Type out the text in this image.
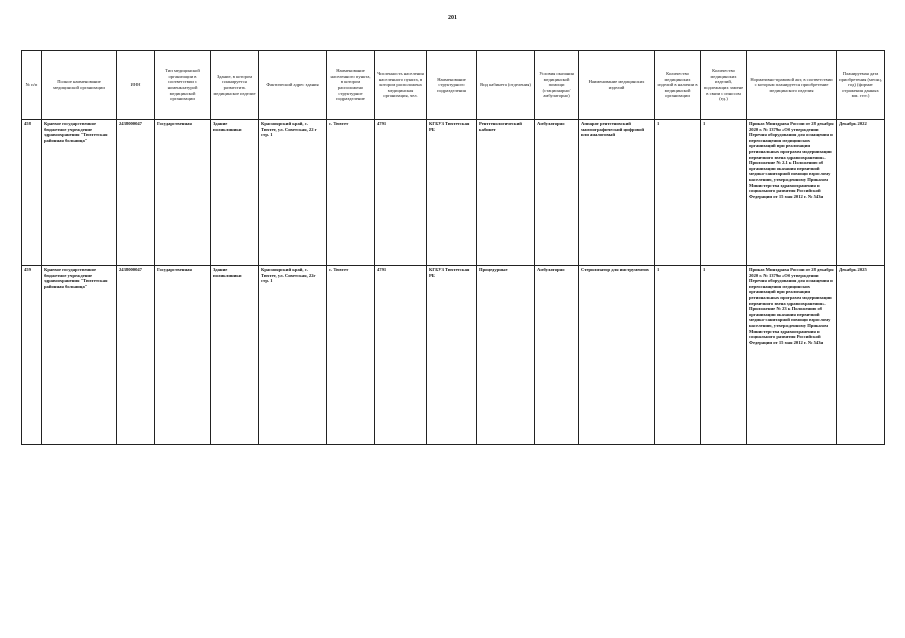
201
№ п/п	Полное наименование медицинской организации	ИНН	Тип медицинской организации в соответствии с номенклатурой медицинской организации	Здание, в котором планируется разместить медицинское изделие	Фактический адрес здания	Наименование населенного пункта, в котором расположено структурное подразделение	Численность населения населенного пункта, в котором расположена медицинская организация, чел.	Наименование структурного подразделения	Вид кабинета (отделения)	Условия оказания медицинской помощи (стационарно/ амбулаторно)	Наименование медицинских изделий	Количество медицинских изделий в наличии в медицинской организации	Количество медицинских изделий, подлежащих замене в связи с износом (ед.)	Нормативно-правовой акт, в соответствии с которым планируется приобретение медицинского изделия	Планируемая дата приобретения (месяц, год) (формат отражения данных мм. гггг.)
458	Краевое государственное бюджетное учреждение здравоохранения "Тюхтетская районная больница"	2438000047	Государственная	Здание поликлиники	Красноярский край, с. Тюхтет, ул. Советская, 22 г стр. 1	с. Тюхтет	4791	КГБУЗ Тюхтетская РБ	Рентгенологический кабинет	Амбулаторно	Аппарат рентгеновский маммографический цифровой или аналоговый	1	1	Приказ Минздрава России от 28 декабря 2020 г. № 1379н «Об утверждении Перечня оборудования для оснащения и переоснащения медицинских организаций при реализации региональных программ модернизации первичного звена здравоохранения». Приложение № 2.1 к Положению об организации оказания первичной медико-санитарной помощи взрослому населению, утвержденному Приказом Министерства здравоохранения и социального развития Российской Федерации от 15 мая 2012 г. № 543н	Декабрь 2022
459	Краевое государственное бюджетное учреждение здравоохранения "Тюхтетская районная больница"	2438000047	Государственная	Здание поликлиники	Красноярский край, с. Тюхтет, ул. Советская, 22г стр. 1	с. Тюхтет	4791	КГБУЗ Тюхтетская РБ	Процедурные	Амбулаторно	Стерилизатор для инструментов	1	1	Приказ Минздрава России от 28 декабря 2020 г. № 1379н «Об утверждении Перечня оборудования для оснащения и переоснащения медицинских организаций при реализации региональных программ модернизации первичного звена здравоохранения». Приложение № 23 к Положению об организации оказания первичной медико-санитарной помощи взрослому населению, утвержденному Приказом Министерства здравоохранения и социального развития Российской Федерации от 15 мая 2012 г. № 543н	Декабрь 2025
